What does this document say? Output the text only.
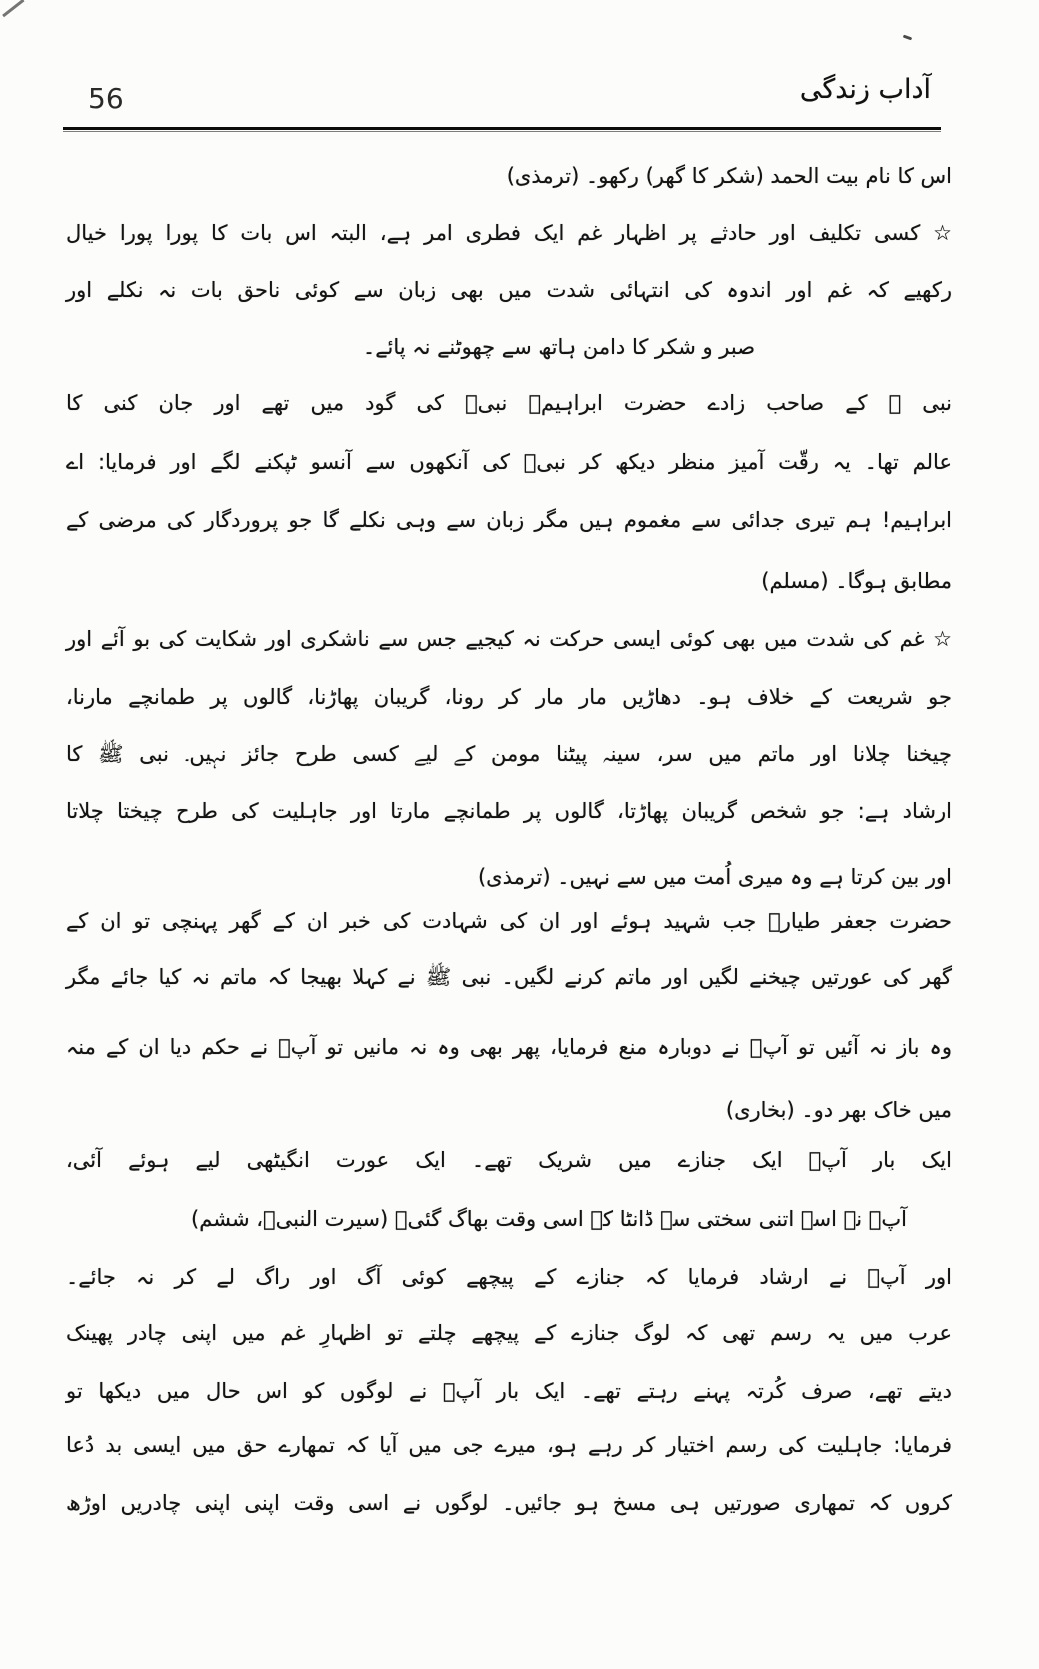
56	آداب زندگی
اس کا نام بیت الحمد (شکر کا گھر) رکھو۔ (ترمذی)
☆ کسی تکلیف اور حادثے پر اظہار غم ایک فطری امر ہے، البتہ اس بات کا پورا پورا خیال
رکھیے کہ غم اور اندوہ کی انتہائی شدت میں بھی زبان سے کوئی ناحق بات نہ نکلے اور
صبر و شکر کا دامن ہاتھ سے چھوٹنے نہ پائے۔
نبی ﷺ کے صاحب زادے حضرت ابراہیمؓ نبیؐ کی گود میں تھے اور جان کنی کا
عالم تھا۔ یہ رقّت آمیز منظر دیکھ کر نبیؐ کی آنکھوں سے آنسو ٹپکنے لگے اور فرمایا: اے
ابراہیم! ہم تیری جدائی سے مغموم ہیں مگر زبان سے وہی نکلے گا جو پروردگار کی مرضی کے
مطابق ہوگا۔ (مسلم)
☆ غم کی شدت میں بھی کوئی ایسی حرکت نہ کیجیے جس سے ناشکری اور شکایت کی بو آئے اور
جو شریعت کے خلاف ہو۔ دھاڑیں مار مار کر رونا، گریبان پھاڑنا، گالوں پر طمانچے مارنا،
چیخنا چلانا اور ماتم میں سر، سینہ پیٹنا مومن کے لیے کسی طرح جائز نہیں۔ نبی ﷺ کا
ارشاد ہے: جو شخص گریبان پھاڑتا، گالوں پر طمانچے مارتا اور جاہلیت کی طرح چیختا چلاتا
اور بین کرتا ہے وہ میری اُمت میں سے نہیں۔ (ترمذی)
حضرت جعفر طیارؓ جب شہید ہوئے اور ان کی شہادت کی خبر ان کے گھر پہنچی تو ان کے
گھر کی عورتیں چیخنے لگیں اور ماتم کرنے لگیں۔ نبی ﷺ نے کہلا بھیجا کہ ماتم نہ کیا جائے مگر
وہ باز نہ آئیں تو آپؐ نے دوبارہ منع فرمایا، پھر بھی وہ نہ مانیں تو آپؐ نے حکم دیا ان کے منہ
میں خاک بھر دو۔ (بخاری)
ایک بار آپؐ ایک جنازے میں شریک تھے۔ ایک عورت انگیٹھی لیے ہوئے آئی،
آپؐ نے اسے اتنی سختی سے ڈانٹا کہ اسی وقت بھاگ گئی۔ (سیرت النبیؐ، ششم)
اور آپؐ نے ارشاد فرمایا کہ جنازے کے پیچھے کوئی آگ اور راگ لے کر نہ جائے۔
عرب میں یہ رسم تھی کہ لوگ جنازے کے پیچھے چلتے تو اظہارِ غم میں اپنی چادر پھینک
دیتے تھے، صرف کُرتہ پہنے رہتے تھے۔ ایک بار آپؐ نے لوگوں کو اس حال میں دیکھا تو
فرمایا: جاہلیت کی رسم اختیار کر رہے ہو، میرے جی میں آیا کہ تمھارے حق میں ایسی بد دُعا
کروں کہ تمھاری صورتیں ہی مسخ ہو جائیں۔ لوگوں نے اسی وقت اپنی اپنی چادریں اوڑھ
